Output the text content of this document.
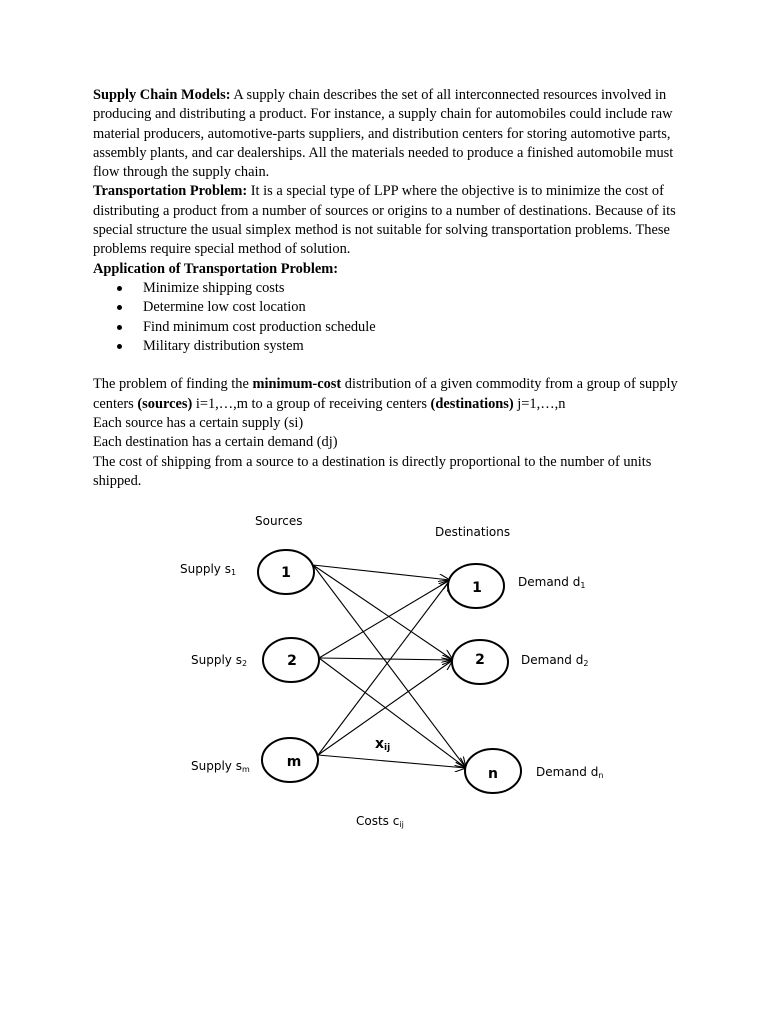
Supply Chain Models: A supply chain describes the set of all interconnected resources involved in producing and distributing a product. For instance, a supply chain for automobiles could include raw material producers, automotive-parts suppliers, and distribution centers for storing automotive parts, assembly plants, and car dealerships. All the materials needed to produce a finished automobile must flow through the supply chain.

Transportation Problem: It is a special type of LPP where the objective is to minimize the cost of distributing a product from a number of sources or origins to a number of destinations. Because of its special structure the usual simplex method is not suitable for solving transportation problems. These problems require special method of solution.

Application of Transportation Problem:

Minimize shipping costs
Determine low cost location
Find minimum cost production schedule
Military distribution system

The problem of finding the minimum-cost distribution of a given commodity from a group of supply centers (sources) i=1,…,m to a group of receiving centers (destinations) j=1,…,n

Each source has a certain supply (si)

Each destination has a certain demand (dj)

The cost of shipping from a source to a destination is directly proportional to the number of units shipped.

Sources
Destinations
1
2
m
1
2
n
Supply s1
Supply s2
Supply sm
Demand d1
Demand d2
Demand dn
xij
Costs cij
